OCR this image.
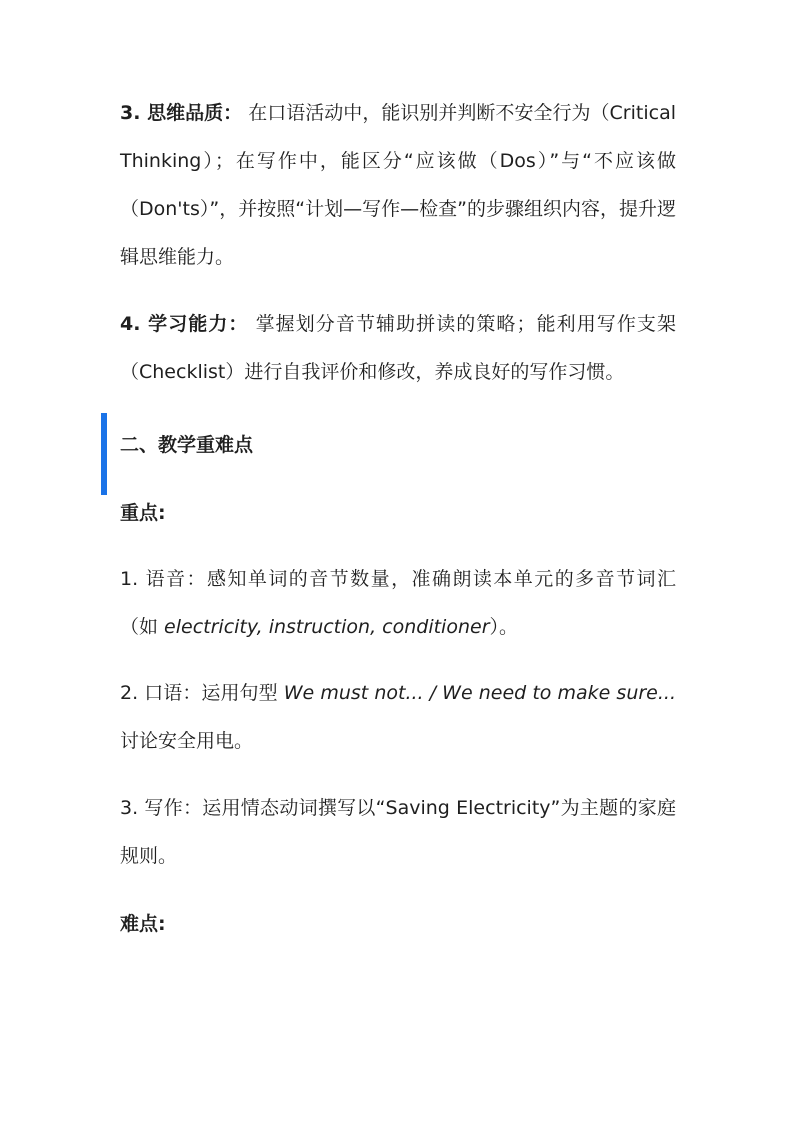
3. 思维品质： 在口语活动中，能识别并判断不安全行为（Critical Thinking）；在写作中，能区分“应该做（Dos）”与“不应该做（Don'ts）”，并按照“计划—写作—检查”的步骤组织内容，提升逻辑思维能力。

4. 学习能力： 掌握划分音节辅助拼读的策略；能利用写作支架（Checklist）进行自我评价和修改，养成良好的写作习惯。

二、教学重难点
重点:

1. 语音：感知单词的音节数量，准确朗读本单元的多音节词汇（如 electricity, instruction, conditioner）。

2. 口语：运用句型 We must not... / We need to make sure... 讨论安全用电。

3. 写作：运用情态动词撰写以“Saving Electricity”为主题的家庭规则。

难点:
